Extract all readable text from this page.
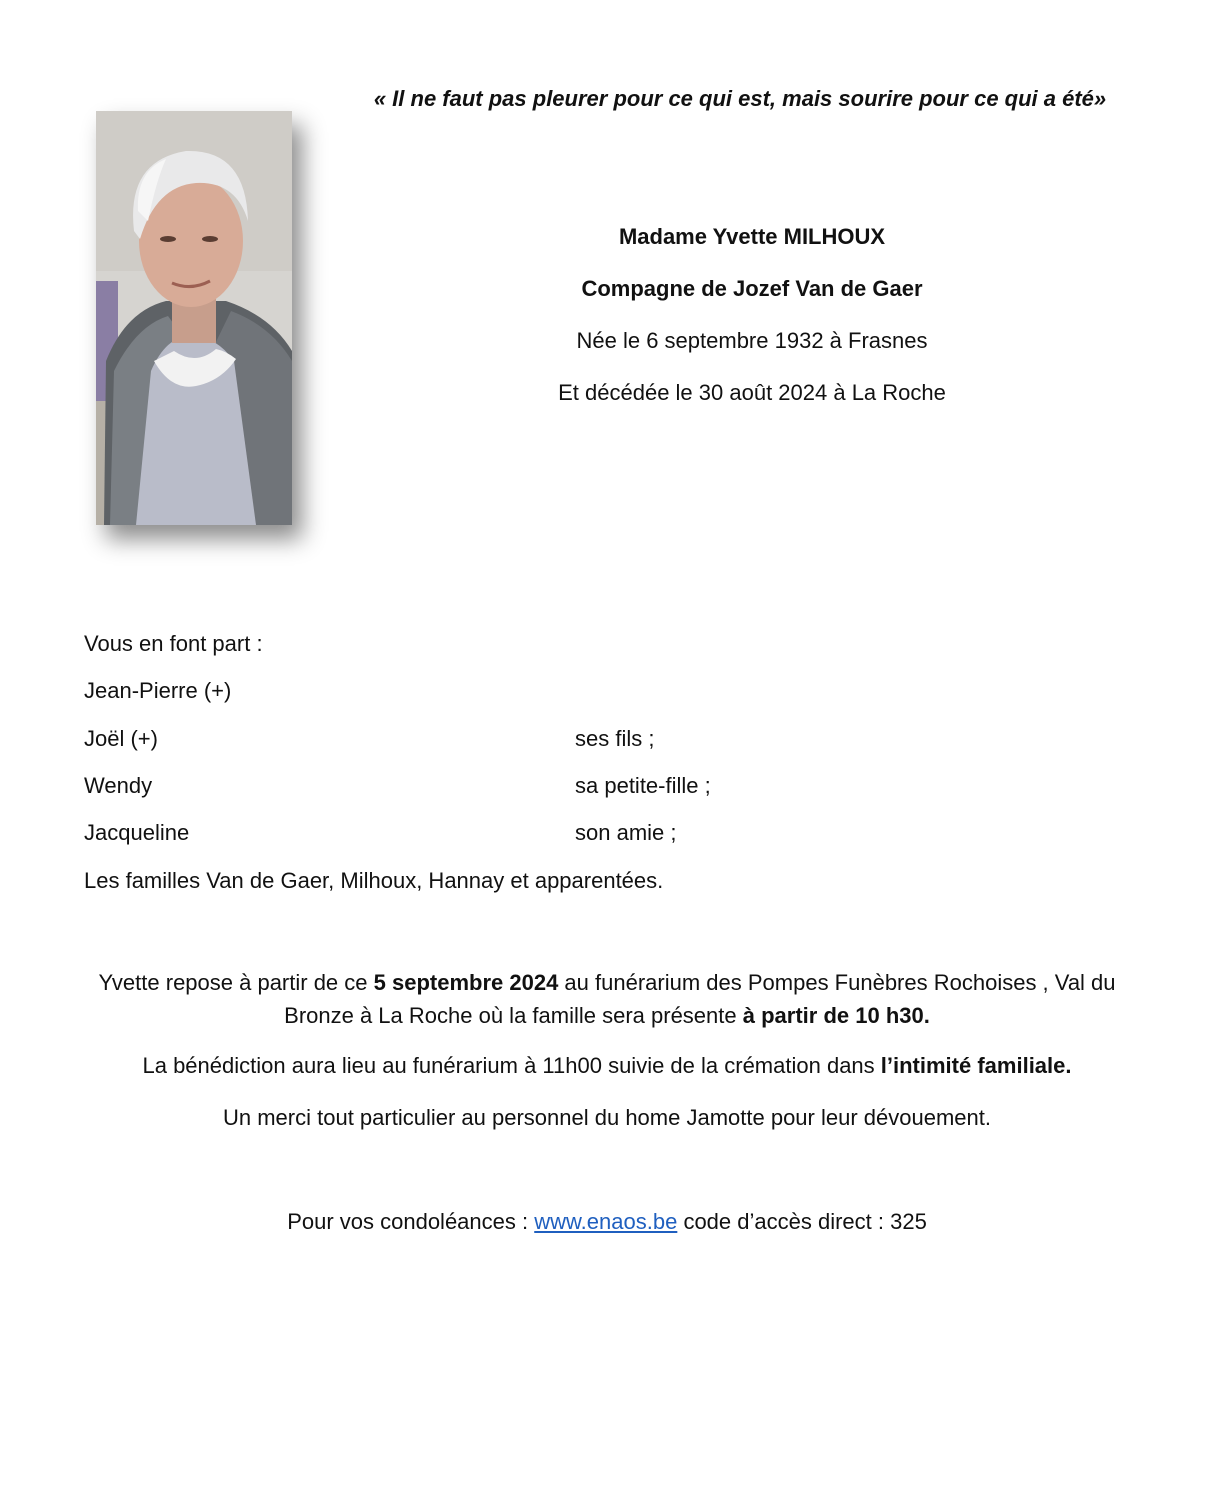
« Il ne faut pas pleurer pour ce qui est, mais sourire pour ce qui a été»
Madame Yvette MILHOUX
Compagne de Jozef Van de Gaer
Née le 6 septembre 1932 à Frasnes
Et décédée le 30 août 2024 à La Roche
Vous en font part :
Jean-Pierre (+)
Joël (+)	ses fils ;
Wendy	sa petite-fille ;
Jacqueline	son amie ;
Les familles Van de Gaer, Milhoux, Hannay et apparentées.
Yvette repose à partir de ce 5 septembre 2024 au funérarium des Pompes Funèbres Rochoises , Val du Bronze à La Roche où la famille sera présente à partir de 10 h30.
La bénédiction aura lieu au funérarium à 11h00 suivie de la crémation dans l’intimité familiale.
Un merci tout particulier au personnel du home Jamotte pour leur dévouement.
Pour vos condoléances : www.enaos.be code d’accès direct : 325
